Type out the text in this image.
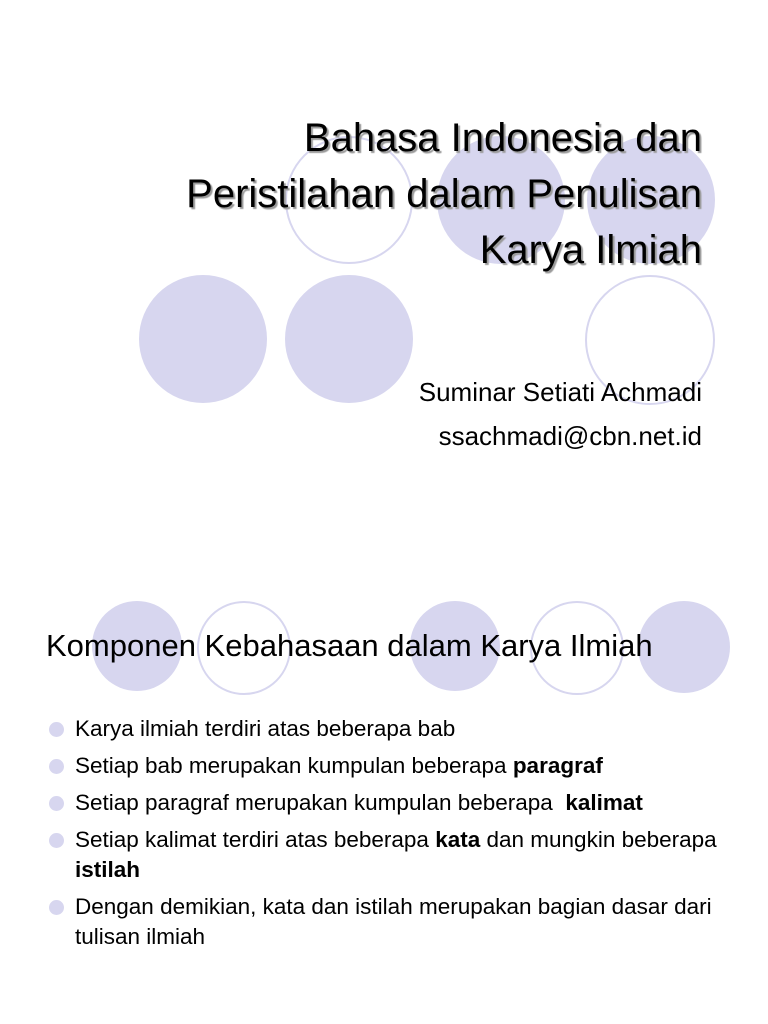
Bahasa Indonesia dan
Peristilahan dalam Penulisan
Karya Ilmiah
Suminar Setiati Achmadi
ssachmadi@cbn.net.id
Komponen Kebahasaan dalam Karya Ilmiah
Karya ilmiah terdiri atas beberapa bab
Setiap bab merupakan kumpulan beberapa paragraf
Setiap paragraf merupakan kumpulan beberapa  kalimat
Setiap kalimat terdiri atas beberapa kata dan mungkin beberapa istilah
Dengan demikian, kata dan istilah merupakan bagian dasar dari tulisan ilmiah
